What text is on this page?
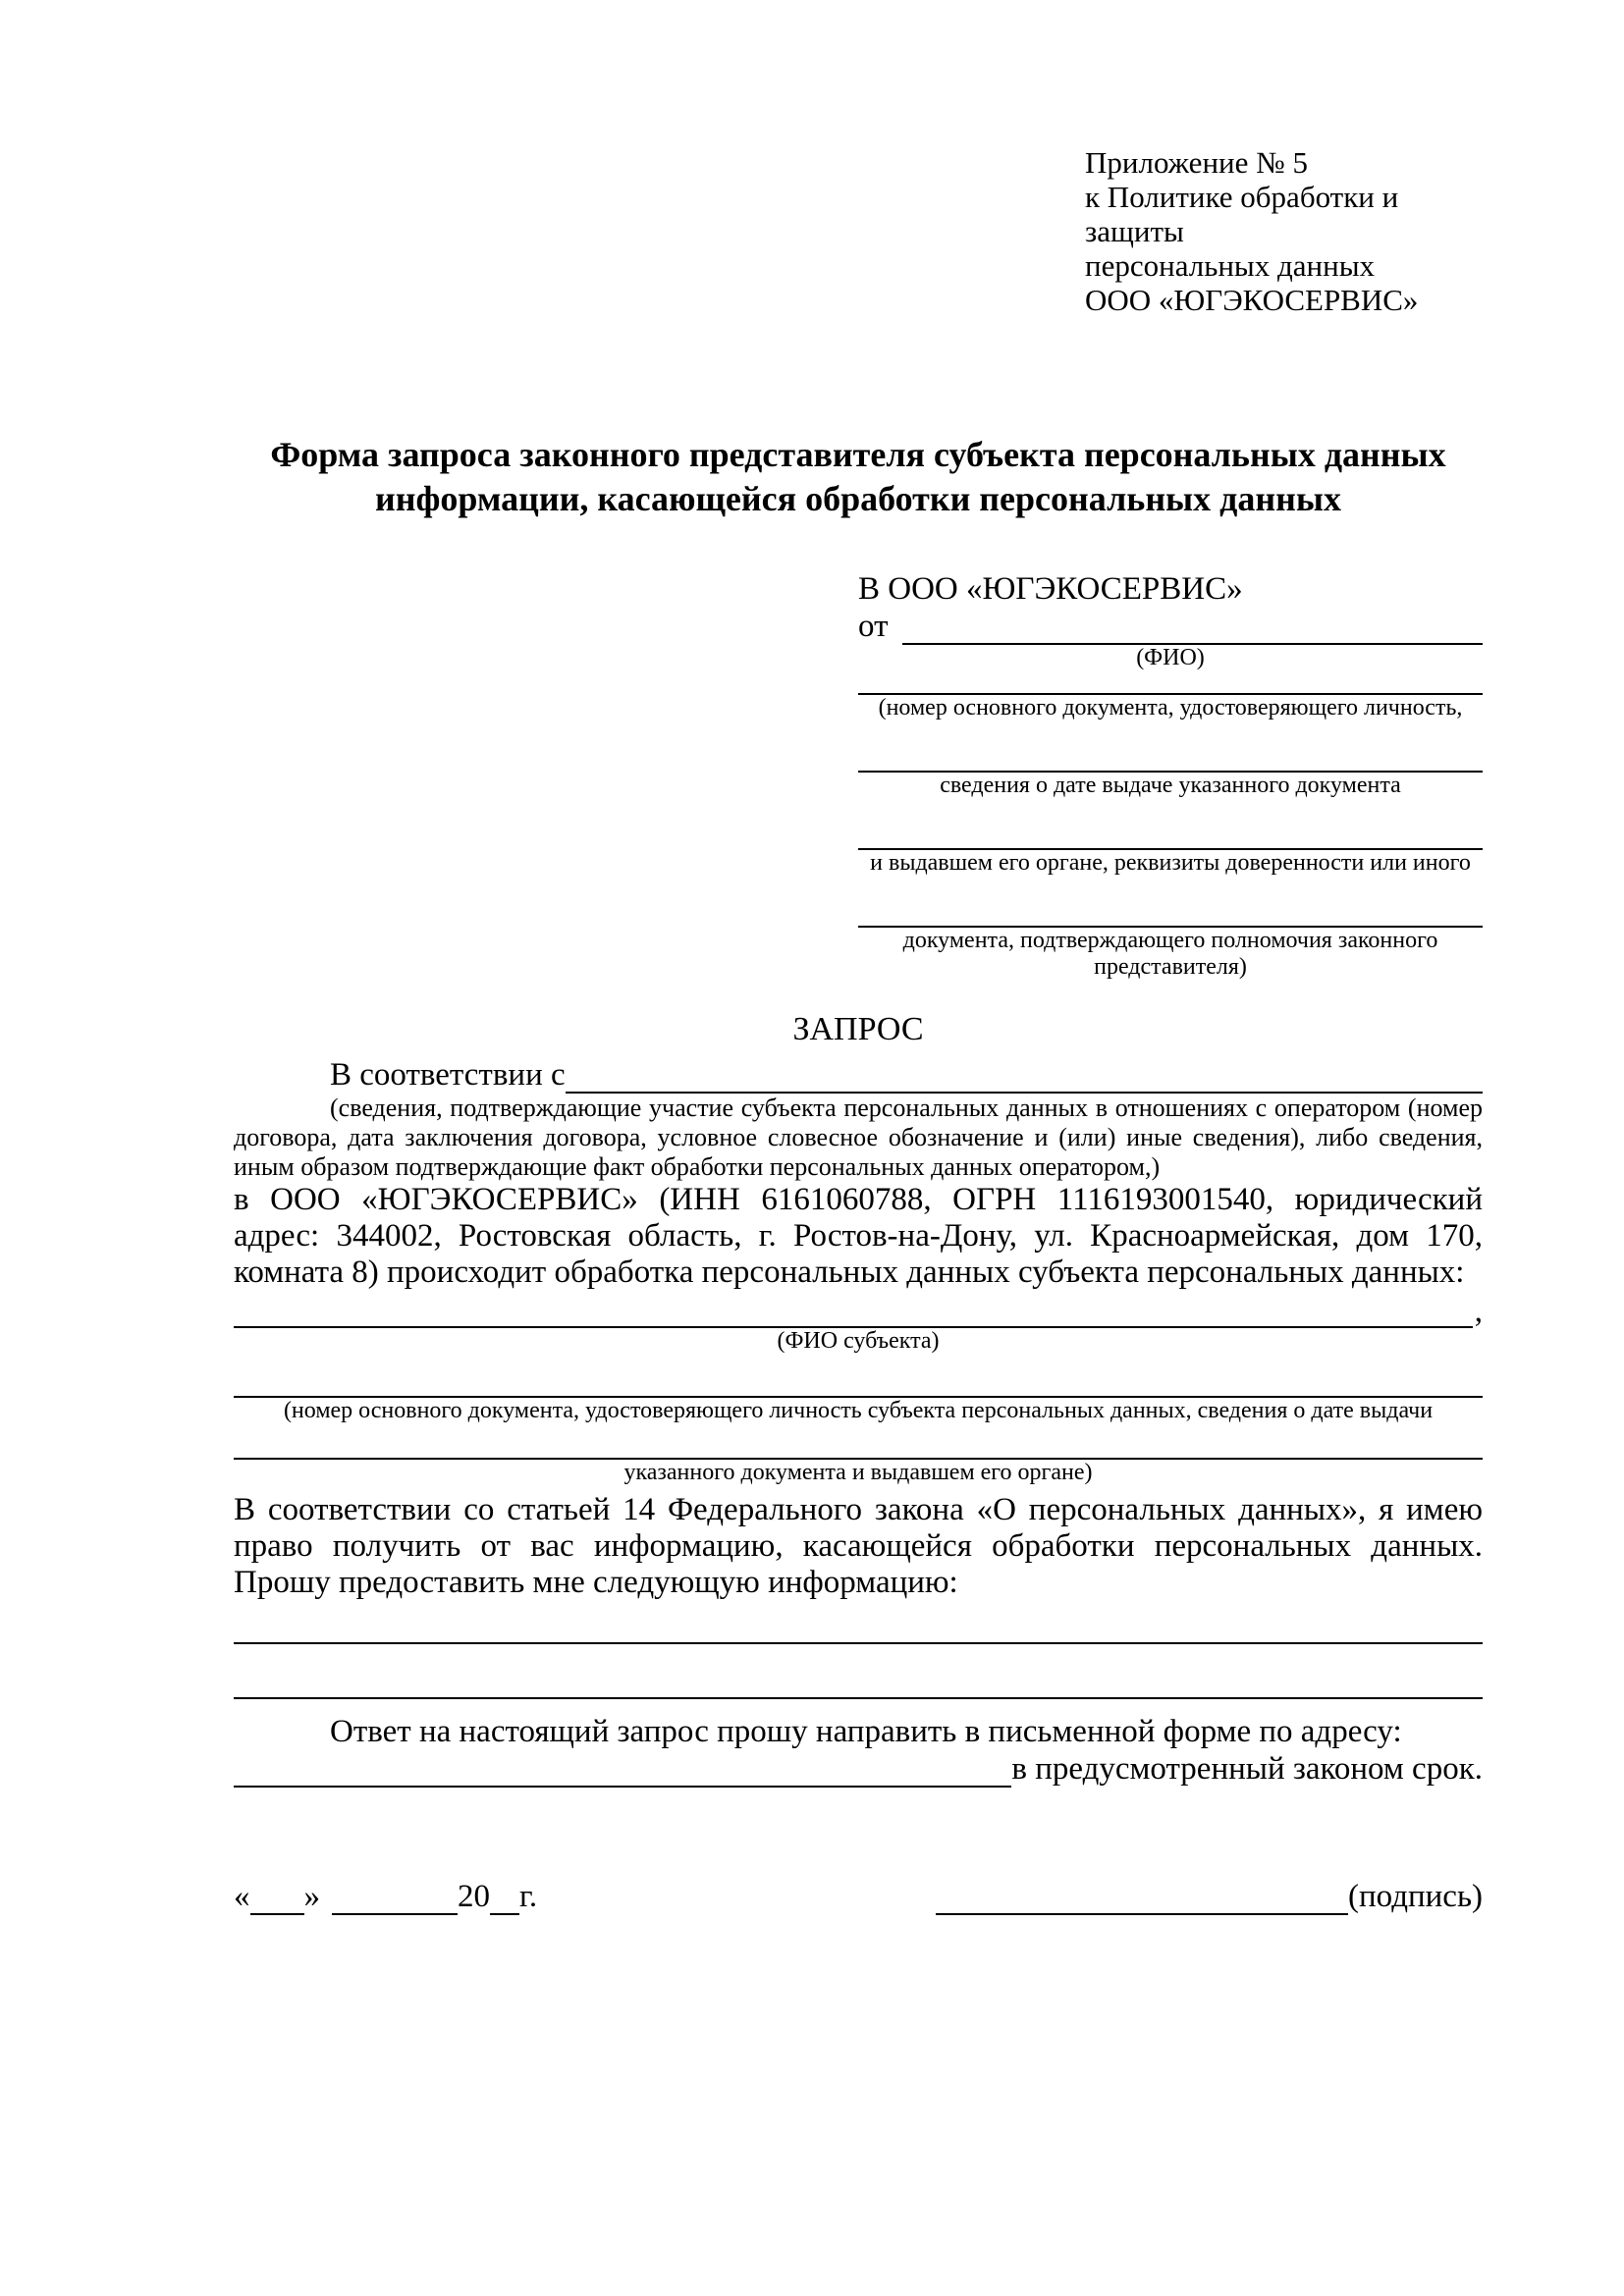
Приложение № 5
к Политике обработки и защиты
персональных данных
ООО «ЮГЭКОСЕРВИС»
Форма запроса законного представителя субъекта персональных данных
информации, касающейся обработки персональных данных
В ООО «ЮГЭКОСЕРВИС»
от
(ФИО)
(номер основного документа, удостоверяющего личность,
сведения о дате выдаче указанного документа
и выдавшем его органе, реквизиты доверенности или иного
документа, подтверждающего полномочия законного представителя)
ЗАПРОС
В соответствии с
(сведения, подтверждающие участие субъекта персональных данных в отношениях с оператором (номер договора, дата заключения договора, условное словесное обозначение и (или) иные сведения), либо сведения, иным образом подтверждающие факт обработки персональных данных оператором,)
в ООО «ЮГЭКОСЕРВИС» (ИНН 6161060788, ОГРН 1116193001540, юридический адрес: 344002, Ростовская область, г. Ростов-на-Дону, ул. Красноармейская, дом 170, комната 8) происходит обработка персональных данных субъекта персональных данных:
,
(ФИО субъекта)
(номер основного документа, удостоверяющего личность субъекта персональных данных, сведения о дате выдачи
указанного документа и выдавшем его органе)
В соответствии со статьей 14 Федерального закона «О персональных данных», я имею право получить от вас информацию, касающейся обработки персональных данных. Прошу предоставить мне следующую информацию:
Ответ на настоящий запрос прошу направить в письменной форме по адресу:
в предусмотренный законом срок.
« »	20 г.	(подпись)
